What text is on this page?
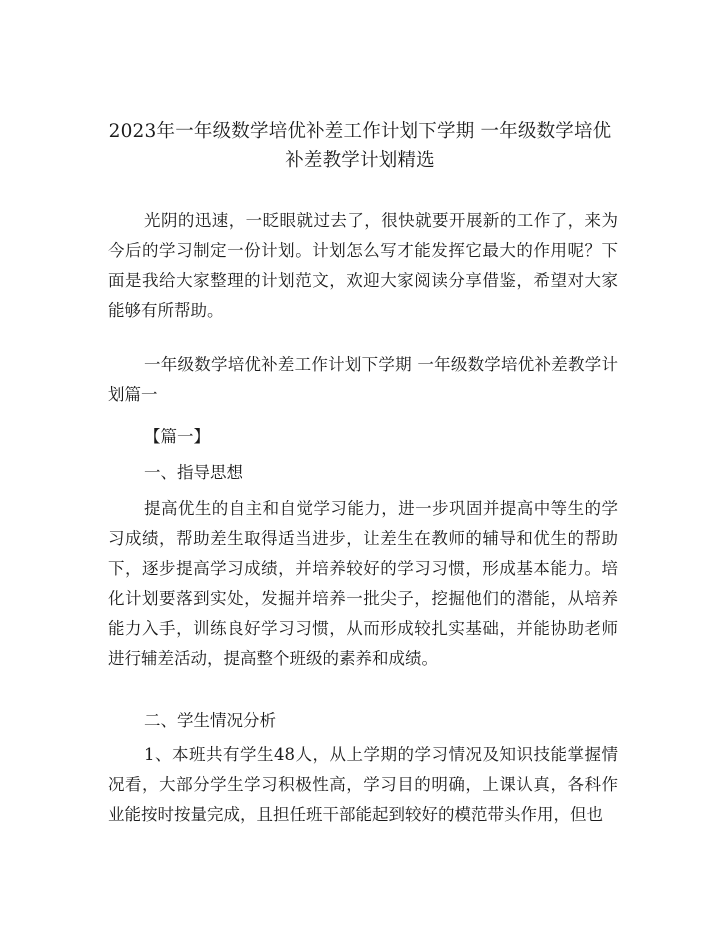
2023年一年级数学培优补差工作计划下学期 一年级数学培优补差教学计划精选
光阴的迅速，一眨眼就过去了，很快就要开展新的工作了，来为今后的学习制定一份计划。计划怎么写才能发挥它最大的作用呢？下面是我给大家整理的计划范文，欢迎大家阅读分享借鉴，希望对大家能够有所帮助。
一年级数学培优补差工作计划下学期 一年级数学培优补差教学计划篇一
【篇一】
一、指导思想
提高优生的自主和自觉学习能力，进一步巩固并提高中等生的学习成绩，帮助差生取得适当进步，让差生在教师的辅导和优生的帮助下，逐步提高学习成绩，并培养较好的学习习惯，形成基本能力。培化计划要落到实处，发掘并培养一批尖子，挖掘他们的潜能，从培养能力入手，训练良好学习习惯，从而形成较扎实基础，并能协助老师进行辅差活动，提高整个班级的素养和成绩。
二、学生情况分析
1、本班共有学生48人，从上学期的学习情况及知识技能掌握情况看，大部分学生学习积极性高，学习目的明确，上课认真，各科作业能按时按量完成，且担任班干部能起到较好的模范带头作用，但也
